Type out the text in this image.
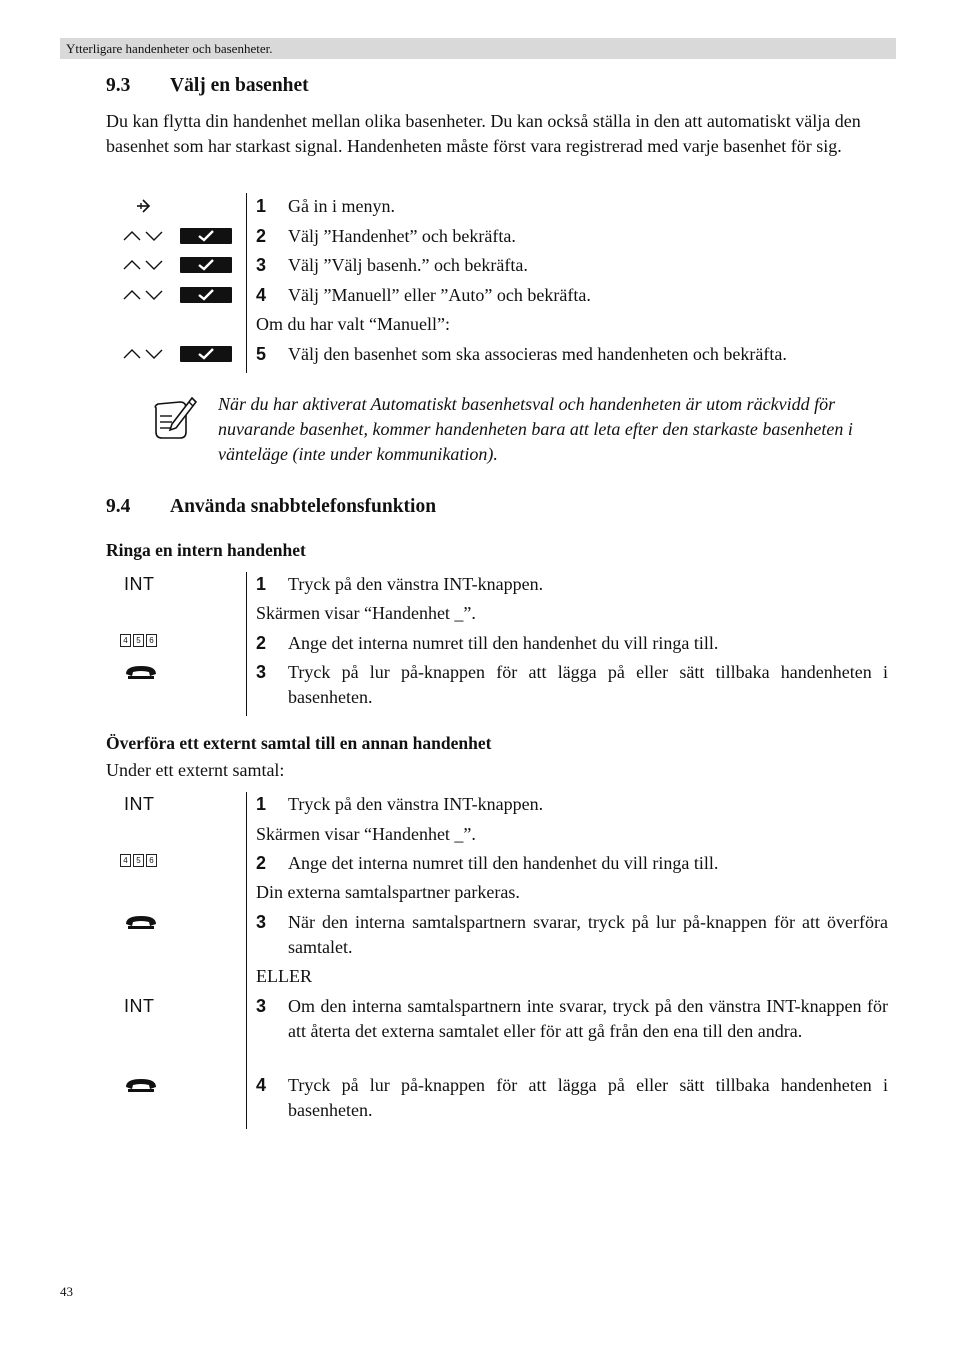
Ytterligare handenheter och basenheter.
9.3 Välj en basenhet
Du kan flytta din handenhet mellan olika basenheter. Du kan också ställa in den att automatiskt välja den basenhet som har starkast signal. Handenheten måste först vara registrerad med varje basenhet för sig.
1 Gå in i menyn.
2 Välj ”Handenhet” och bekräfta.
3 Välj ”Välj basenh.” och bekräfta.
4 Välj ”Manuell” eller ”Auto” och bekräfta.
Om du har valt “Manuell”:
5 Välj den basenhet som ska associeras med handenheten och bekräfta.
När du har aktiverat Automatiskt basenhetsval och handenheten är utom räckvidd för nuvarande basenhet, kommer handenheten bara att leta efter den starkaste basenheten i vänteläge (inte under kommunikation).
9.4 Använda snabbtelefonsfunktion
Ringa en intern handenhet
INT	1 Tryck på den vänstra INT-knappen.
Skärmen visar “Handenhet _”.
4	5	6	2 Ange det interna numret till den handenhet du vill ringa till.
3 Tryck på lur på-knappen för att lägga på eller sätt tillbaka handenheten i basenheten.
Överföra ett externt samtal till en annan handenhet
Under ett externt samtal:
INT	1 Tryck på den vänstra INT-knappen.
Skärmen visar “Handenhet _”.
4	5	6	2 Ange det interna numret till den handenhet du vill ringa till.
Din externa samtalspartner parkeras.
3 När den interna samtalspartnern svarar, tryck på lur på-knappen för att överföra samtalet.
ELLER
INT	3 Om den interna samtalspartnern inte svarar, tryck på den vänstra INT-knappen för att återta det externa samtalet eller för att gå från den ena till den andra.
4 Tryck på lur på-knappen för att lägga på eller sätt tillbaka handenheten i basenheten.
43
